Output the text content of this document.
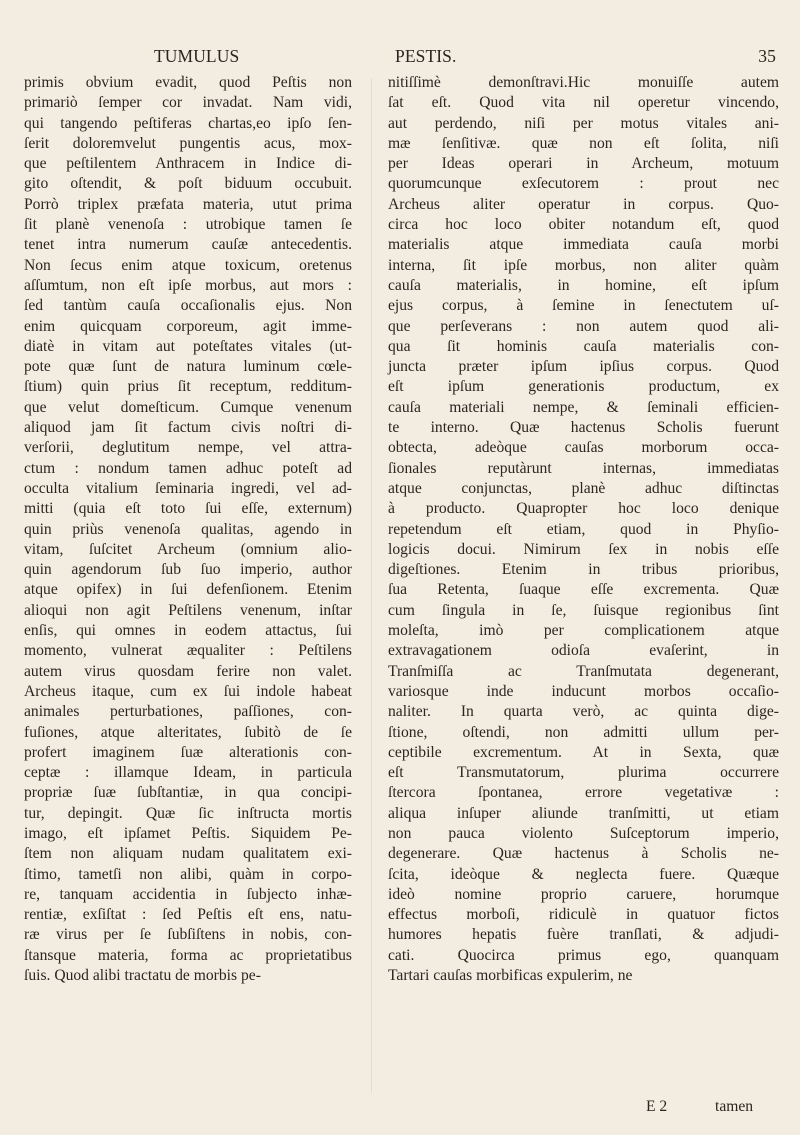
TUMULUS	PESTIS.	35
primis obvium evadit, quod Peſtis non
primariò ſemper cor invadat. Nam vidi,
qui tangendo peſtiferas chartas,eo ipſo ſen-
ſerit doloremvelut pungentis acus, mox-
que peſtilentem Anthracem in Indice di-
gito oſtendit, & poſt biduum occubuit.
Porrò triplex præfata materia, utut prima
ſit planè venenoſa : utrobique tamen ſe
tenet intra numerum cauſæ antecedentis.
Non ſecus enim atque toxicum, oretenus
aſſumtum, non eſt ipſe morbus, aut mors :
ſed tantùm cauſa occaſionalis ejus. Non
enim quicquam corporeum, agit imme-
diatè in vitam aut poteſtates vitales (ut-
pote quæ ſunt de natura luminum cœle-
ſtium) quin prius ſit receptum, redditum-
que velut domeſticum. Cumque venenum
aliquod jam ſit factum civis noſtri di-
verſorii, deglutitum nempe, vel attra-
ctum : nondum tamen adhuc poteſt ad
occulta vitalium ſeminaria ingredi, vel ad-
mitti (quia eſt toto ſui eſſe, externum)
quin priùs venenoſa qualitas, agendo in
vitam, ſuſcitet Archeum (omnium alio-
quin agendorum ſub ſuo imperio, author
atque opifex) in ſui defenſionem. Etenim
alioqui non agit Peſtilens venenum, inſtar
enſis, qui omnes in eodem attactus, ſui
momento, vulnerat æqualiter : Peſtilens
autem virus quosdam ferire non valet.
Archeus itaque, cum ex ſui indole habeat
animales perturbationes, paſſiones, con-
fuſiones, atque alteritates, ſubitò de ſe
profert imaginem ſuæ alterationis con-
ceptæ : illamque Ideam, in particula
propriæ ſuæ ſubſtantiæ, in qua concipi-
tur, depingit. Quæ ſic inſtructa mortis
imago, eſt ipſamet Peſtis. Siquidem Pe-
ſtem non aliquam nudam qualitatem exi-
ſtimo, tametſi non alibi, quàm in corpo-
re, tanquam accidentia in ſubjecto inhæ-
rentiæ, exſiſtat : ſed Peſtis eſt ens, natu-
ræ virus per ſe ſubſiſtens in nobis, con-
ſtansque materia, forma ac proprietatibus
ſuis. Quod alibi tractatu de morbis pe-
nitiſſimè demonſtravi.Hic monuiſſe autem
ſat eſt. Quod vita nil operetur vincendo,
aut perdendo, niſi per motus vitales ani-
mæ ſenſitivæ. quæ non eſt ſolita, niſi
per Ideas operari in Archeum, motuum
quorumcunque exſecutorem : prout nec
Archeus aliter operatur in corpus. Quo-
circa hoc loco obiter notandum eſt, quod
materialis atque immediata cauſa morbi
interna, ſit ipſe morbus, non aliter quàm
cauſa materialis, in homine, eſt ipſum
ejus corpus, à ſemine in ſenectutem uſ-
que perſeverans : non autem quod ali-
qua ſit hominis cauſa materialis con-
juncta præter ipſum ipſius corpus. Quod
eſt ipſum generationis productum, ex
cauſa materiali nempe, & ſeminali efficien-
te interno. Quæ hactenus Scholis fuerunt
obtecta, adeòque cauſas morborum occa-
ſionales reputàrunt internas, immediatas
atque conjunctas, planè adhuc diſtinctas
à producto. Quapropter hoc loco denique
repetendum eſt etiam, quod in Phyſio-
logicis docui. Nimirum ſex in nobis eſſe
digeſtiones. Etenim in tribus prioribus,
ſua Retenta, ſuaque eſſe excrementa. Quæ
cum ſingula in ſe, ſuisque regionibus ſint
moleſta, imò per complicationem atque
extravagationem odioſa evaſerint, in
Tranſmiſſa ac Tranſmutata degenerant,
variosque inde inducunt morbos occaſio-
naliter. In quarta verò, ac quinta dige-
ſtione, oſtendi, non admitti ullum per-
ceptibile excrementum. At in Sexta, quæ
eſt Transmutatorum, plurima occurrere
ſtercora ſpontanea, errore vegetativæ :
aliqua inſuper aliunde tranſmitti, ut etiam
non pauca violento Suſceptorum imperio,
degenerare. Quæ hactenus à Scholis ne-
ſcita, ideòque & neglecta fuere. Quæque
ideò nomine proprio caruere, horumque
effectus morboſi, ridiculè in quatuor fictos
humores hepatis fuère tranſlati, & adjudi-
cati. Quocirca primus ego, quanquam
Tartari cauſas morbificas expulerim, ne
E 2	tamen
